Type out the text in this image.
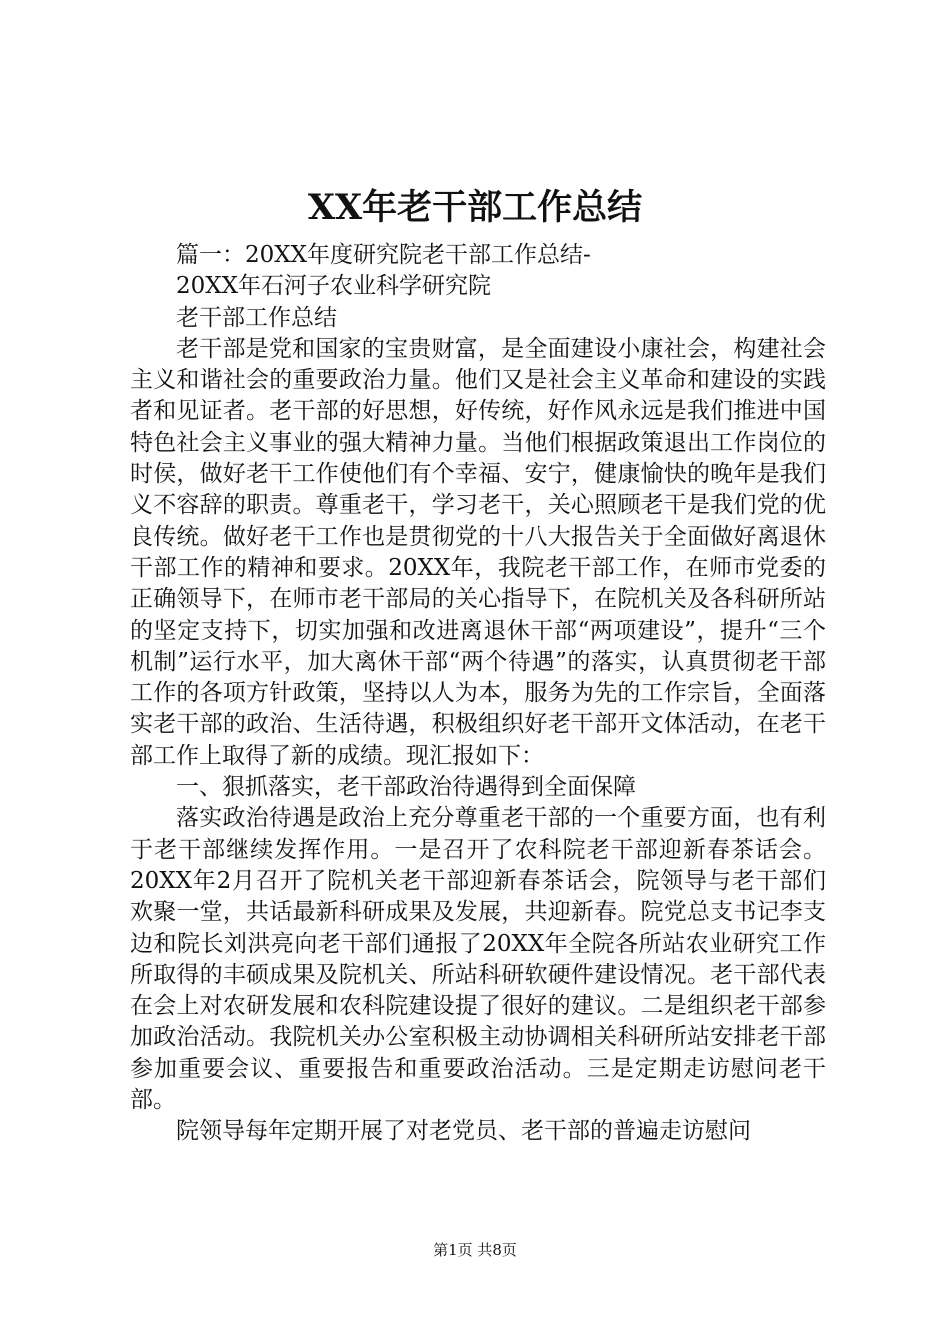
XX年老干部工作总结

篇一：20XX年度研究院老干部工作总结-

20XX年石河子农业科学研究院

老干部工作总结

老干部是党和国家的宝贵财富，是全面建设小康社会，构建社会主义和谐社会的重要政治力量。他们又是社会主义革命和建设的实践者和见证者。老干部的好思想，好传统，好作风永远是我们推进中国特色社会主义事业的强大精神力量。当他们根据政策退出工作岗位的时侯，做好老干工作使他们有个幸福、安宁，健康愉快的晚年是我们义不容辞的职责。尊重老干，学习老干，关心照顾老干是我们党的优良传统。做好老干工作也是贯彻党的十八大报告关于全面做好离退休干部工作的精神和要求。20XX年，我院老干部工作，在师市党委的正确领导下，在师市老干部局的关心指导下，在院机关及各科研所站的坚定支持下，切实加强和改进离退休干部“两项建设”，提升“三个机制”运行水平，加大离休干部“两个待遇”的落实，认真贯彻老干部工作的各项方针政策，坚持以人为本，服务为先的工作宗旨，全面落实老干部的政治、生活待遇，积极组织好老干部开文体活动，在老干部工作上取得了新的成绩。现汇报如下：

一、狠抓落实，老干部政治待遇得到全面保障

落实政治待遇是政治上充分尊重老干部的一个重要方面，也有利于老干部继续发挥作用。一是召开了农科院老干部迎新春茶话会。20XX年2月召开了院机关老干部迎新春茶话会，院领导与老干部们欢聚一堂，共话最新科研成果及发展，共迎新春。院党总支书记李支边和院长刘洪亮向老干部们通报了20XX年全院各所站农业研究工作所取得的丰硕成果及院机关、所站科研软硬件建设情况。老干部代表在会上对农研发展和农科院建设提了很好的建议。二是组织老干部参加政治活动。我院机关办公室积极主动协调相关科研所站安排老干部参加重要会议、重要报告和重要政治活动。三是定期走访慰问老干部。

院领导每年定期开展了对老党员、老干部的普遍走访慰问

第1页 共8页
